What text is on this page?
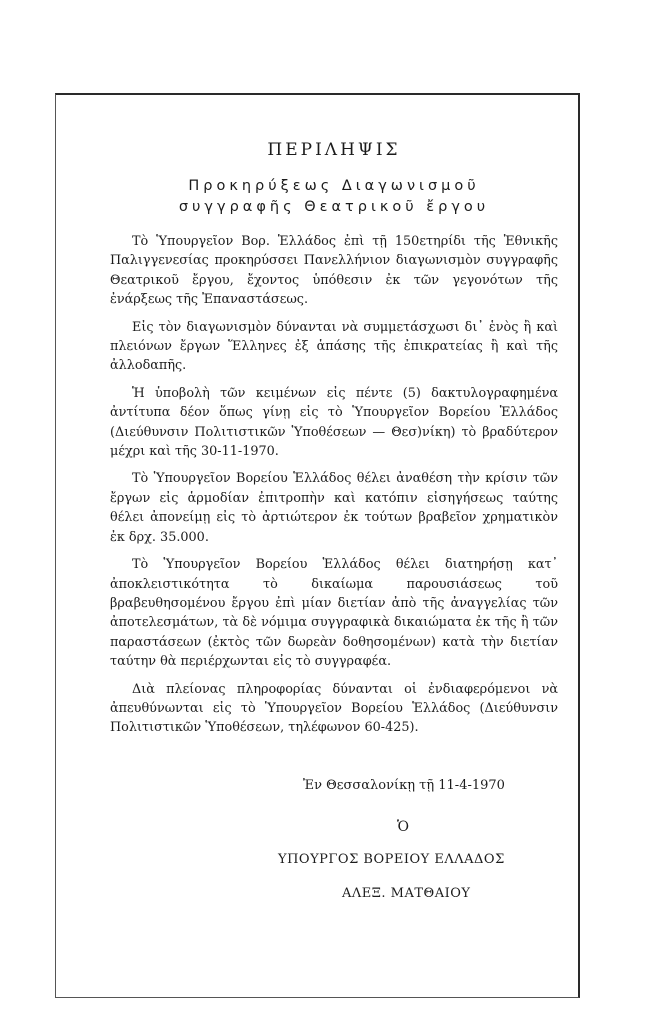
ΠΕΡΙΛΗΨΙΣ
Προκηρύξεως Διαγωνισμοῦ
συγγραφῆς Θεατρικοῦ ἔργου

Τὸ Ὑπουργεῖον Βορ. Ἑλλάδος ἐπὶ τῇ 150ετηρίδι τῆς Ἐθνικῆς Παλιγγενεσίας προκηρύσσει Πανελλήνιον διαγωνισμὸν συγγραφῆς Θεατρικοῦ ἔργου, ἔχοντος ὑπόθεσιν ἐκ τῶν γεγονότων τῆς ἐνάρξεως τῆς Ἐπαναστάσεως.

Εἰς τὸν διαγωνισμὸν δύνανται νὰ συμμετάσχωσι δι᾽ ἑνὸς ἢ καὶ πλειόνων ἔργων Ἕλληνες ἐξ ἁπάσης τῆς ἐπικρατείας ἢ καὶ τῆς ἀλλοδαπῆς.

Ἡ ὑποβολὴ τῶν κειμένων εἰς πέντε (5) δακτυλογραφημένα ἀντίτυπα δέον ὅπως γίνῃ εἰς τὸ Ὑπουργεῖον Βορείου Ἑλλάδος (Διεύθυνσιν Πολιτιστικῶν Ὑποθέσεων — Θεσ)νίκη) τὸ βραδύτερον μέχρι καὶ τῆς 30-11-1970.

Τὸ Ὑπουργεῖον Βορείου Ἑλλάδος θέλει ἀναθέση τὴν κρίσιν τῶν ἔργων εἰς ἁρμοδίαν ἐπιτροπὴν καὶ κατόπιν εἰσηγήσεως ταύτης θέλει ἀπονείμῃ εἰς τὸ ἀρτιώτερον ἐκ τούτων βραβεῖον χρηματικὸν ἐκ δρχ. 35.000.

Τὸ Ὑπουργεῖον Βορείου Ἑλλάδος θέλει διατηρήσῃ κατ᾽ ἀποκλειστικότητα τὸ δικαίωμα παρουσιάσεως τοῦ βραβευθησομένου ἔργου ἐπὶ μίαν διετίαν ἀπὸ τῆς ἀναγγελίας τῶν ἀποτελεσμάτων, τὰ δὲ νόμιμα συγγραφικὰ δικαιώματα ἐκ τῆς ἢ τῶν παραστάσεων (ἐκτὸς τῶν δωρεὰν δοθησομένων) κατὰ τὴν διετίαν ταύτην θὰ περιέρχωνται εἰς τὸ συγγραφέα.

Διὰ πλείονας πληροφορίας δύνανται οἱ ἐνδιαφερόμενοι νὰ ἀπευθύνωνται εἰς τὸ Ὑπουργεῖον Βορείου Ἑλλάδος (Διεύθυνσιν Πολιτιστικῶν Ὑποθέσεων, τηλέφωνον 60-425).

Ἐν Θεσσαλονίκῃ τῇ 11-4-1970
Ὁ
ΥΠΟΥΡΓΟΣ ΒΟΡΕΙΟΥ ΕΛΛΑΔΟΣ
ΑΛΕΞ. ΜΑΤΘΑΙΟΥ
